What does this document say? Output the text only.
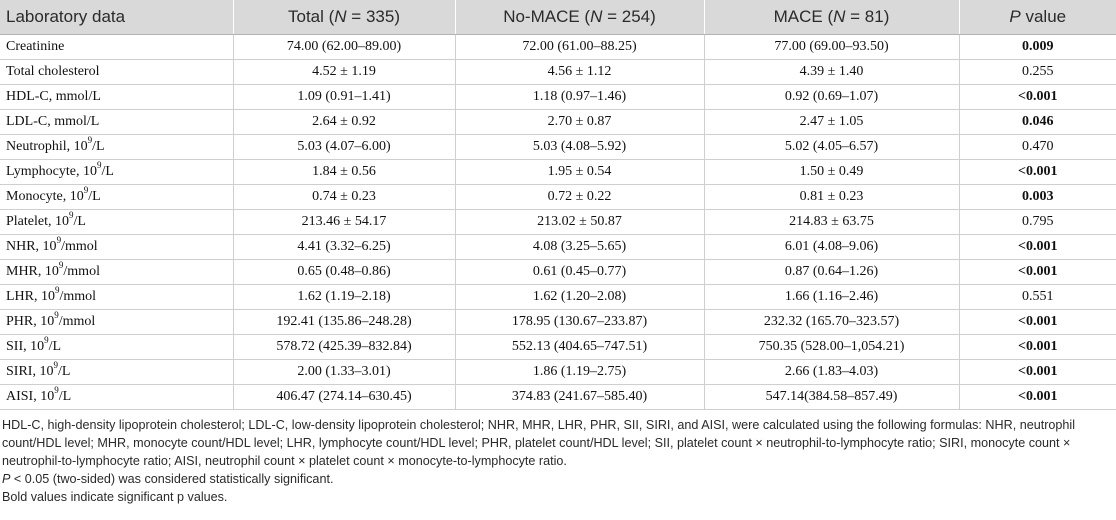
Laboratory data	Total (N = 335)	No-MACE (N = 254)	MACE (N = 81)	P value
Creatinine	74.00 (62.00–89.00)	72.00 (61.00–88.25)	77.00 (69.00–93.50)	0.009
Total cholesterol	4.52 ± 1.19	4.56 ± 1.12	4.39 ± 1.40	0.255
HDL-C, mmol/L	1.09 (0.91–1.41)	1.18 (0.97–1.46)	0.92 (0.69–1.07)	<0.001
LDL-C, mmol/L	2.64 ± 0.92	2.70 ± 0.87	2.47 ± 1.05	0.046
Neutrophil, $10^9/L$	5.03 (4.07–6.00)	5.03 (4.08–5.92)	5.02 (4.05–6.57)	0.470
Lymphocyte, $10^9/L$	1.84 ± 0.56	1.95 ± 0.54	1.50 ± 0.49	<0.001
Monocyte, $10^9/L$	0.74 ± 0.23	0.72 ± 0.22	0.81 ± 0.23	0.003
Platelet, $10^9/L$	213.46 ± 54.17	213.02 ± 50.87	214.83 ± 63.75	0.795
NHR, $10^9$/mmol	4.41 (3.32–6.25)	4.08 (3.25–5.65)	6.01 (4.08–9.06)	<0.001
MHR, $10^9$/mmol	0.65 (0.48–0.86)	0.61 (0.45–0.77)	0.87 (0.64–1.26)	<0.001
LHR, $10^9$/mmol	1.62 (1.19–2.18)	1.62 (1.20–2.08)	1.66 (1.16–2.46)	0.551
PHR, $10^9$/mmol	192.41 (135.86–248.28)	178.95 (130.67–233.87)	232.32 (165.70–323.57)	<0.001
SII, $10^9/L$	578.72 (425.39–832.84)	552.13 (404.65–747.51)	750.35 (528.00–1,054.21)	<0.001
SIRI, $10^9/L$	2.00 (1.33–3.01)	1.86 (1.19–2.75)	2.66 (1.83–4.03)	<0.001
AISI, $10^9/L$	406.47 (274.14–630.45)	374.83 (241.67–585.40)	547.14(384.58–857.49)	<0.001

HDL-C, high-density lipoprotein cholesterol; LDL-C, low-density lipoprotein cholesterol; NHR, MHR, LHR, PHR, SII, SIRI, and AISI, were calculated using the following formulas: NHR, neutrophil count/HDL level; MHR, monocyte count/HDL level; LHR, lymphocyte count/HDL level; PHR, platelet count/HDL level; SII, platelet count × neutrophil-to-lymphocyte ratio; SIRI, monocyte count × neutrophil-to-lymphocyte ratio; AISI, neutrophil count × platelet count × monocyte-to-lymphocyte ratio.

P < 0.05 (two-sided) was considered statistically significant.

Bold values indicate significant p values.
